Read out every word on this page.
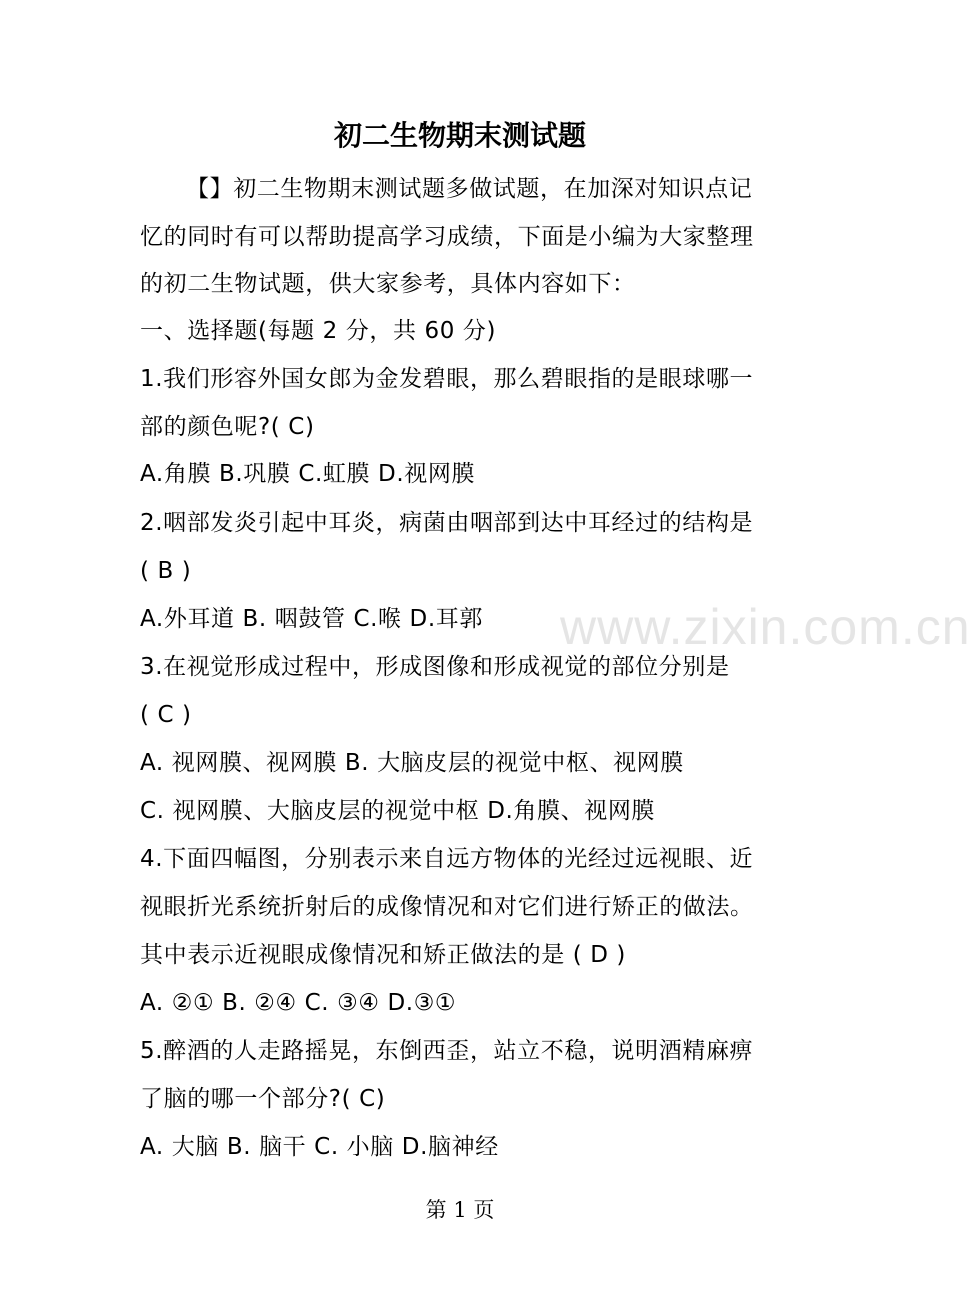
初二生物期末测试题
【】初二生物期末测试题多做试题，在加深对知识点记
忆的同时有可以帮助提高学习成绩，下面是小编为大家整理
的初二生物试题，供大家参考，具体内容如下：
一、选择题(每题 2 分，共 60 分)
1.我们形容外国女郎为金发碧眼，那么碧眼指的是眼球哪一
部的颜色呢?( C)
A.角膜 B.巩膜 C.虹膜 D.视网膜
2.咽部发炎引起中耳炎，病菌由咽部到达中耳经过的结构是
( B )
A.外耳道 B. 咽鼓管 C.喉 D.耳郭
3.在视觉形成过程中，形成图像和形成视觉的部位分别是
( C )
A. 视网膜、视网膜 B. 大脑皮层的视觉中枢、视网膜
C. 视网膜、大脑皮层的视觉中枢 D.角膜、视网膜
4.下面四幅图，分别表示来自远方物体的光经过远视眼、近
视眼折光系统折射后的成像情况和对它们进行矫正的做法。
其中表示近视眼成像情况和矫正做法的是 ( D )
A. ②① B. ②④ C. ③④ D.③①
5.醉酒的人走路摇晃，东倒西歪，站立不稳，说明酒精麻痹
了脑的哪一个部分?( C)
A. 大脑 B. 脑干 C. 小脑 D.脑神经
www.zixin.com.cn
第 1 页
